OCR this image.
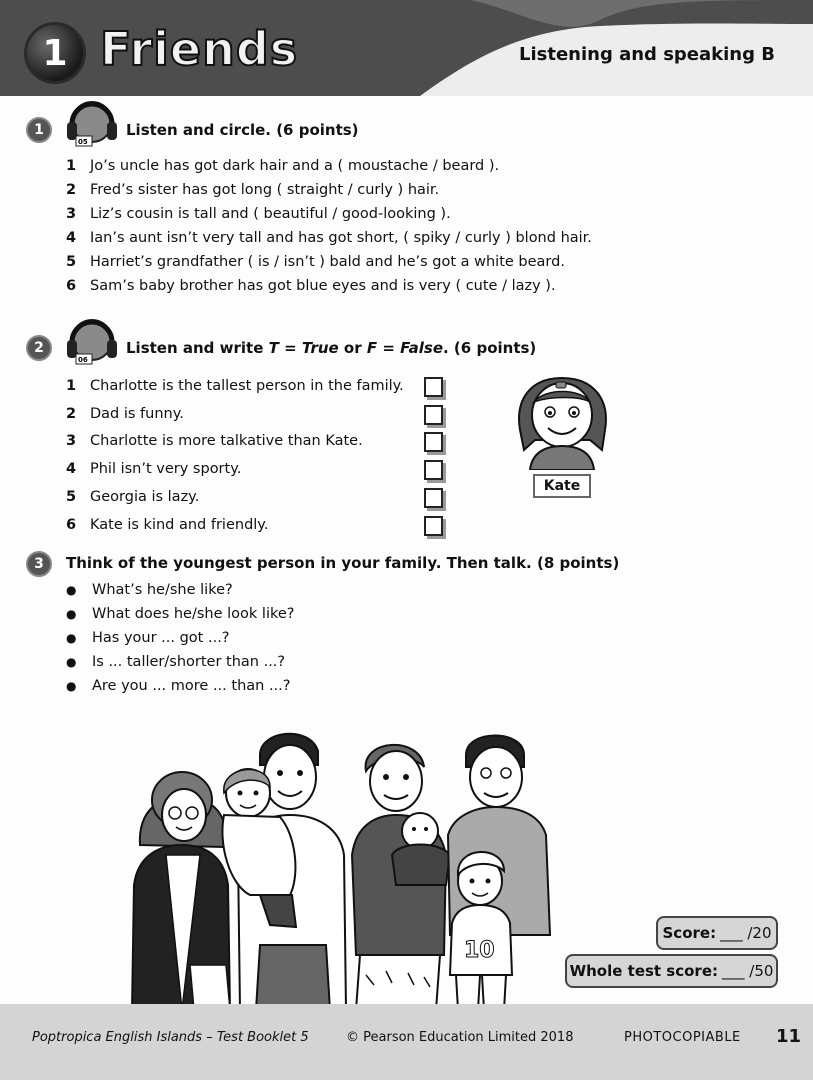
1 Friends	Listening and speaking B
1
05
Listen and circle. (6 points)
1 Jo’s uncle has got dark hair and a ( moustache / beard ).
2 Fred’s sister has got long ( straight / curly ) hair.
3 Liz’s cousin is tall and ( beautiful / good-looking ).
4 Ian’s aunt isn’t very tall and has got short, ( spiky / curly ) blond hair.
5 Harriet’s grandfather ( is / isn’t ) bald and he’s got a white beard.
6 Sam’s baby brother has got blue eyes and is very ( cute / lazy ).
2
06
Listen and write T = True or F = False. (6 points)
1 Charlotte is the tallest person in the family.
2 Dad is funny.
3 Charlotte is more talkative than Kate.
4 Phil isn’t very sporty.
5 Georgia is lazy.
6 Kate is kind and friendly.
Kate
3	Think of the youngest person in your family. Then talk. (8 points)
● What’s he/she like?
● What does he/she look like?
● Has your ... got ...?
● Is ... taller/shorter than ...?
● Are you ... more ... than ...?
10
Score: ___ /20
Whole test score: ___ /50
Poptropica English Islands – Test Booklet 5	© Pearson Education Limited 2018	PHOTOCOPIABLE 11
